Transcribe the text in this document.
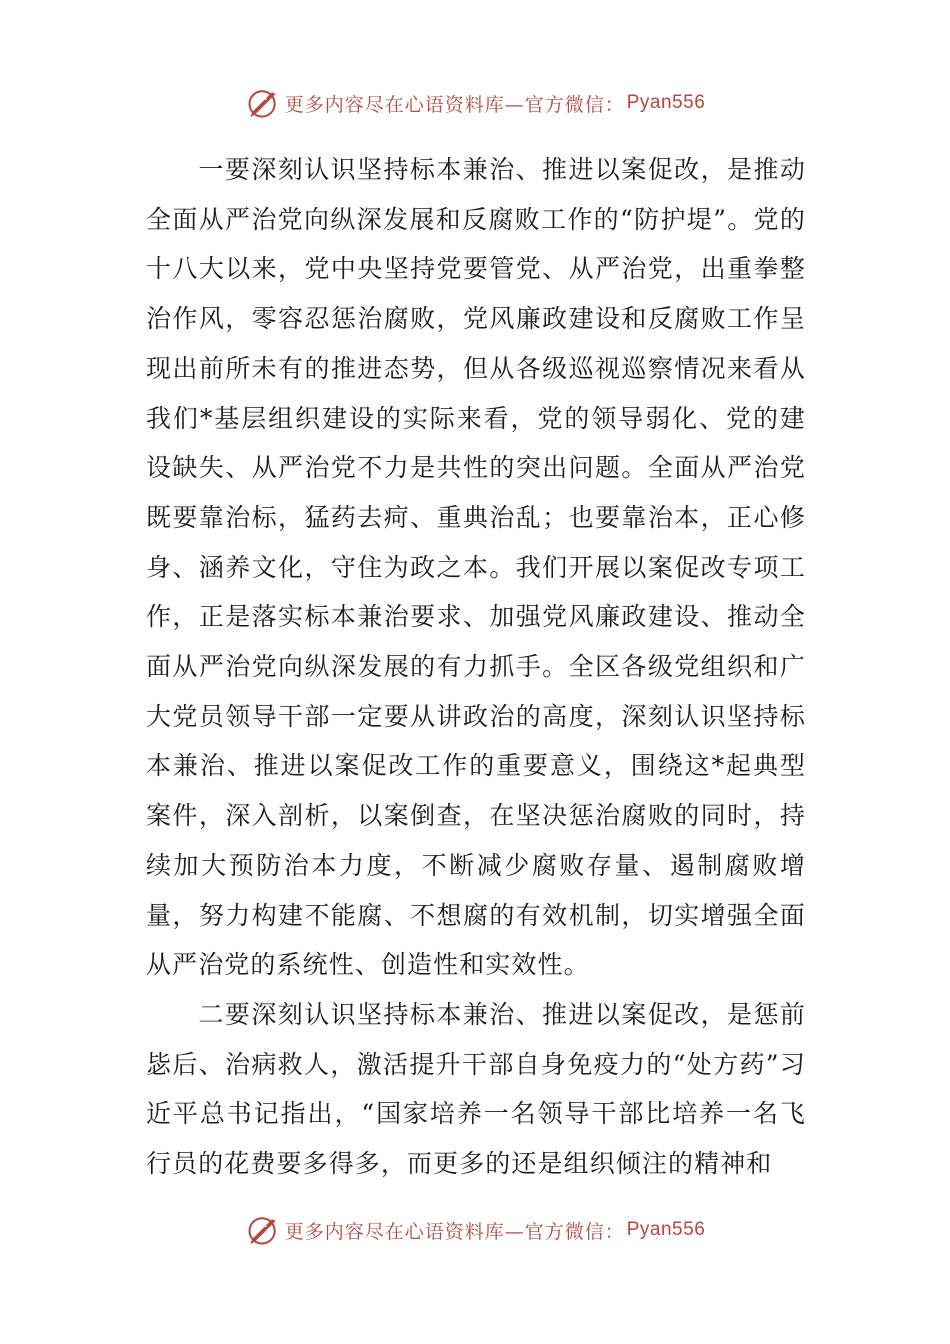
更多内容尽在心语资料库—官方微信： Pyan556

一要深刻认识坚持标本兼治、推进以案促改，是推动全面从严治党向纵深发展和反腐败工作的“防护堤”。党的十八大以来，党中央坚持党要管党、从严治党，出重拳整治作风，零容忍惩治腐败，党风廉政建设和反腐败工作呈现出前所未有的推进态势，但从各级巡视巡察情况来看从我们*基层组织建设的实际来看，党的领导弱化、党的建设缺失、从严治党不力是共性的突出问题。全面从严治党既要靠治标，猛药去疴、重典治乱；也要靠治本，正心修身、涵养文化，守住为政之本。我们开展以案促改专项工作，正是落实标本兼治要求、加强党风廉政建设、推动全面从严治党向纵深发展的有力抓手。全区各级党组织和广大党员领导干部一定要从讲政治的高度，深刻认识坚持标本兼治、推进以案促改工作的重要意义，围绕这*起典型案件，深入剖析，以案倒查，在坚决惩治腐败的同时，持续加大预防治本力度，不断减少腐败存量、遏制腐败增量，努力构建不能腐、不想腐的有效机制，切实增强全面从严治党的系统性、创造性和实效性。

二要深刻认识坚持标本兼治、推进以案促改，是惩前毖后、治病救人，激活提升干部自身免疫力的“处方药”习近平总书记指出，“国家培养一名领导干部比培养一名飞行员的花费要多得多，而更多的还是组织倾注的精神和

更多内容尽在心语资料库—官方微信： Pyan556
